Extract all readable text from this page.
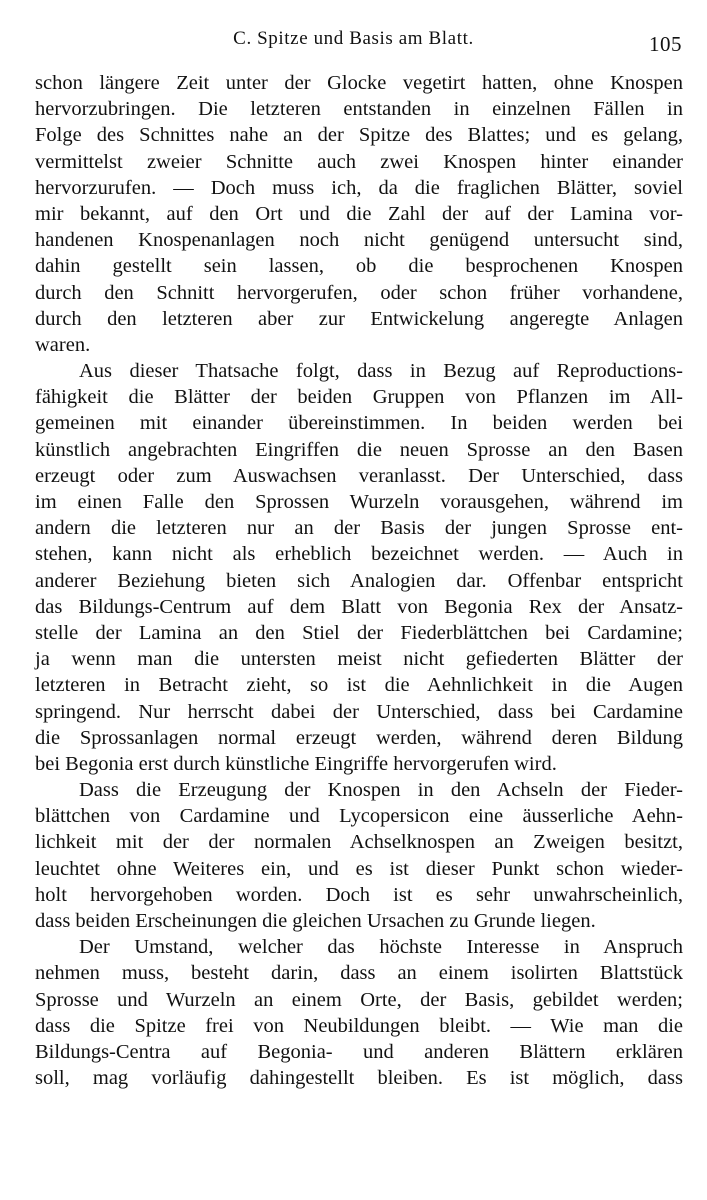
C. Spitze und Basis am Blatt.	105
schon längere Zeit unter der Glocke vegetirt hatten, ohne Knospen
hervorzubringen. Die letzteren entstanden in einzelnen Fällen in
Folge des Schnittes nahe an der Spitze des Blattes; und es gelang,
vermittelst zweier Schnitte auch zwei Knospen hinter einander
hervorzurufen. — Doch muss ich, da die fraglichen Blätter, soviel
mir bekannt, auf den Ort und die Zahl der auf der Lamina vor-
handenen Knospenanlagen noch nicht genügend untersucht sind,
dahin gestellt sein lassen, ob die besprochenen Knospen
durch den Schnitt hervorgerufen, oder schon früher vorhandene,
durch den letzteren aber zur Entwickelung angeregte Anlagen
waren.
Aus dieser Thatsache folgt, dass in Bezug auf Reproductions-
fähigkeit die Blätter der beiden Gruppen von Pflanzen im All-
gemeinen mit einander übereinstimmen. In beiden werden bei
künstlich angebrachten Eingriffen die neuen Sprosse an den Basen
erzeugt oder zum Auswachsen veranlasst. Der Unterschied, dass
im einen Falle den Sprossen Wurzeln vorausgehen, während im
andern die letzteren nur an der Basis der jungen Sprosse ent-
stehen, kann nicht als erheblich bezeichnet werden. — Auch in
anderer Beziehung bieten sich Analogien dar. Offenbar entspricht
das Bildungs-Centrum auf dem Blatt von Begonia Rex der Ansatz-
stelle der Lamina an den Stiel der Fiederblättchen bei Cardamine;
ja wenn man die untersten meist nicht gefiederten Blätter der
letzteren in Betracht zieht, so ist die Aehnlichkeit in die Augen
springend. Nur herrscht dabei der Unterschied, dass bei Cardamine
die Sprossanlagen normal erzeugt werden, während deren Bildung
bei Begonia erst durch künstliche Eingriffe hervorgerufen wird.
Dass die Erzeugung der Knospen in den Achseln der Fieder-
blättchen von Cardamine und Lycopersicon eine äusserliche Aehn-
lichkeit mit der der normalen Achselknospen an Zweigen besitzt,
leuchtet ohne Weiteres ein, und es ist dieser Punkt schon wieder-
holt hervorgehoben worden. Doch ist es sehr unwahrscheinlich,
dass beiden Erscheinungen die gleichen Ursachen zu Grunde liegen.
Der Umstand, welcher das höchste Interesse in Anspruch
nehmen muss, besteht darin, dass an einem isolirten Blattstück
Sprosse und Wurzeln an einem Orte, der Basis, gebildet werden;
dass die Spitze frei von Neubildungen bleibt. — Wie man die
Bildungs-Centra auf Begonia- und anderen Blättern erklären
soll, mag vorläufig dahingestellt bleiben. Es ist möglich, dass
